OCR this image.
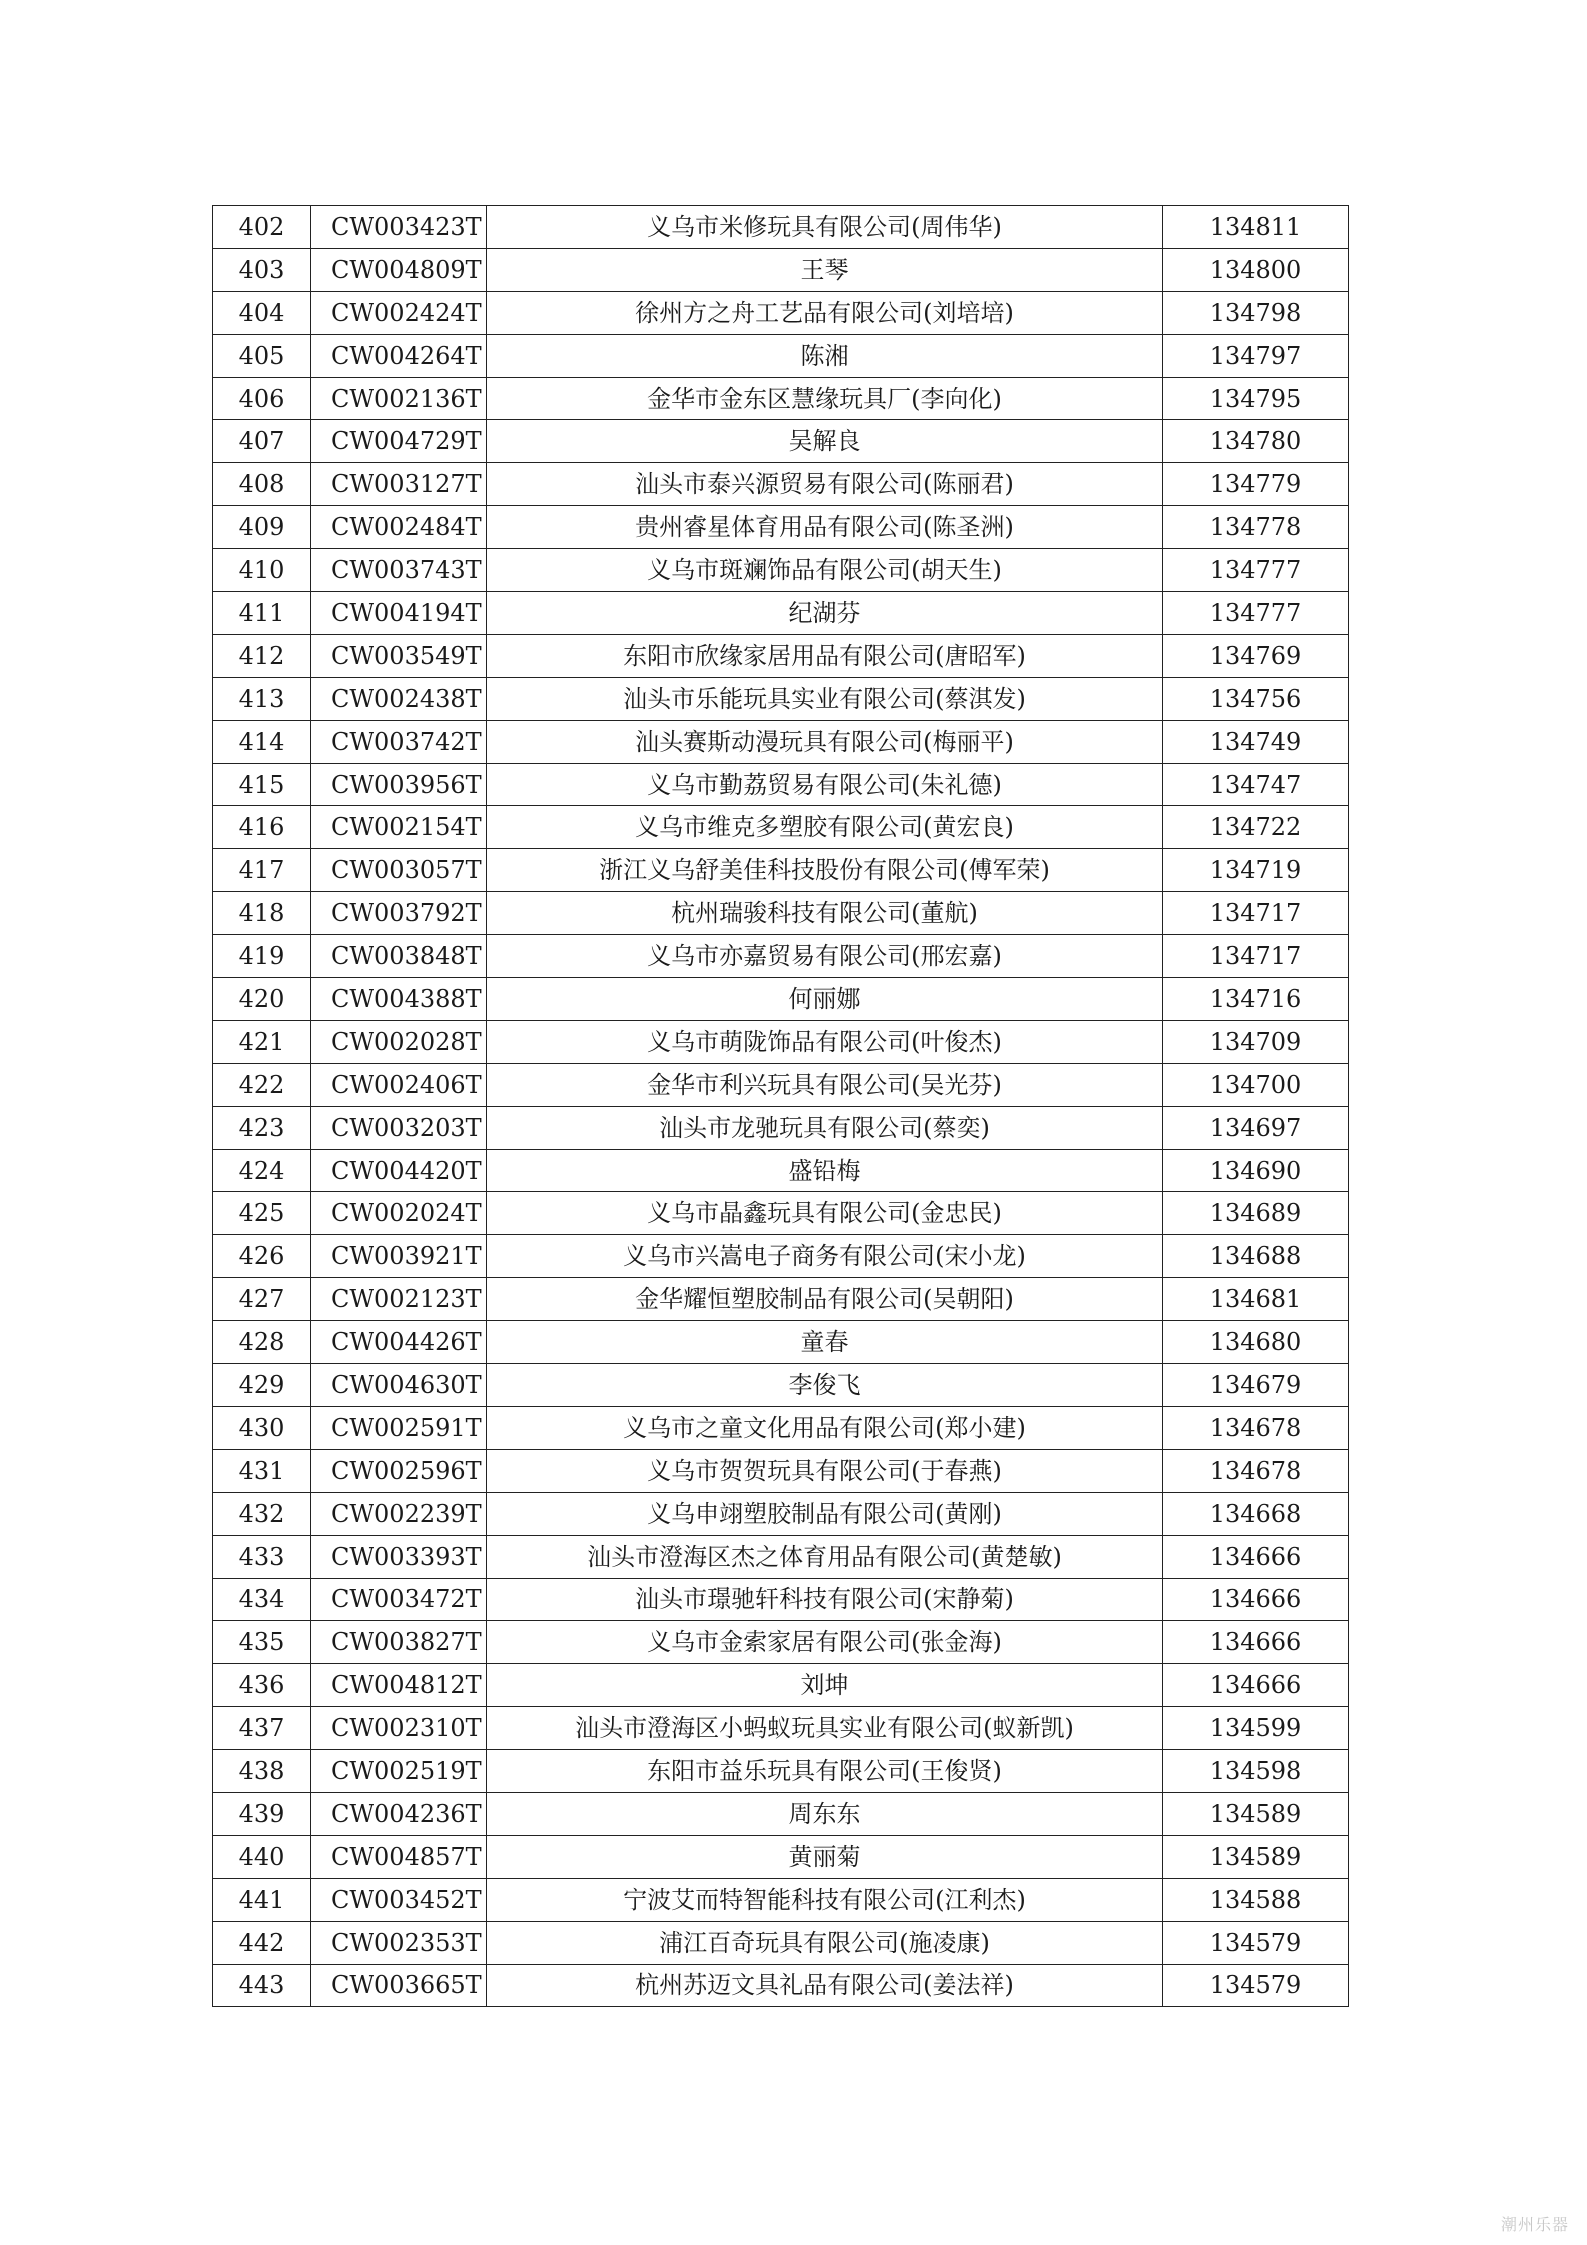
402	CW003423T	义乌市米修玩具有限公司(周伟华)	134811
403	CW004809T	王琴	134800
404	CW002424T	徐州方之舟工艺品有限公司(刘培培)	134798
405	CW004264T	陈湘	134797
406	CW002136T	金华市金东区慧缘玩具厂(李向化)	134795
407	CW004729T	吴解良	134780
408	CW003127T	汕头市泰兴源贸易有限公司(陈丽君)	134779
409	CW002484T	贵州睿星体育用品有限公司(陈圣洲)	134778
410	CW003743T	义乌市斑斓饰品有限公司(胡天生)	134777
411	CW004194T	纪湖芬	134777
412	CW003549T	东阳市欣缘家居用品有限公司(唐昭军)	134769
413	CW002438T	汕头市乐能玩具实业有限公司(蔡淇发)	134756
414	CW003742T	汕头赛斯动漫玩具有限公司(梅丽平)	134749
415	CW003956T	义乌市勤荔贸易有限公司(朱礼德)	134747
416	CW002154T	义乌市维克多塑胶有限公司(黄宏良)	134722
417	CW003057T	浙江义乌舒美佳科技股份有限公司(傅军荣)	134719
418	CW003792T	杭州瑞骏科技有限公司(董航)	134717
419	CW003848T	义乌市亦嘉贸易有限公司(邢宏嘉)	134717
420	CW004388T	何丽娜	134716
421	CW002028T	义乌市萌陇饰品有限公司(叶俊杰)	134709
422	CW002406T	金华市利兴玩具有限公司(吴光芬)	134700
423	CW003203T	汕头市龙驰玩具有限公司(蔡奕)	134697
424	CW004420T	盛铅梅	134690
425	CW002024T	义乌市晶鑫玩具有限公司(金忠民)	134689
426	CW003921T	义乌市兴嵩电子商务有限公司(宋小龙)	134688
427	CW002123T	金华耀恒塑胶制品有限公司(吴朝阳)	134681
428	CW004426T	童春	134680
429	CW004630T	李俊飞	134679
430	CW002591T	义乌市之童文化用品有限公司(郑小建)	134678
431	CW002596T	义乌市贺贺玩具有限公司(于春燕)	134678
432	CW002239T	义乌申翊塑胶制品有限公司(黄刚)	134668
433	CW003393T	汕头市澄海区杰之体育用品有限公司(黄楚敏)	134666
434	CW003472T	汕头市璟驰轩科技有限公司(宋静菊)	134666
435	CW003827T	义乌市金索家居有限公司(张金海)	134666
436	CW004812T	刘坤	134666
437	CW002310T	汕头市澄海区小蚂蚁玩具实业有限公司(蚁新凯)	134599
438	CW002519T	东阳市益乐玩具有限公司(王俊贤)	134598
439	CW004236T	周东东	134589
440	CW004857T	黄丽菊	134589
441	CW003452T	宁波艾而特智能科技有限公司(江利杰)	134588
442	CW002353T	浦江百奇玩具有限公司(施凌康)	134579
443	CW003665T	杭州苏迈文具礼品有限公司(姜法祥)	134579
潮州乐器
